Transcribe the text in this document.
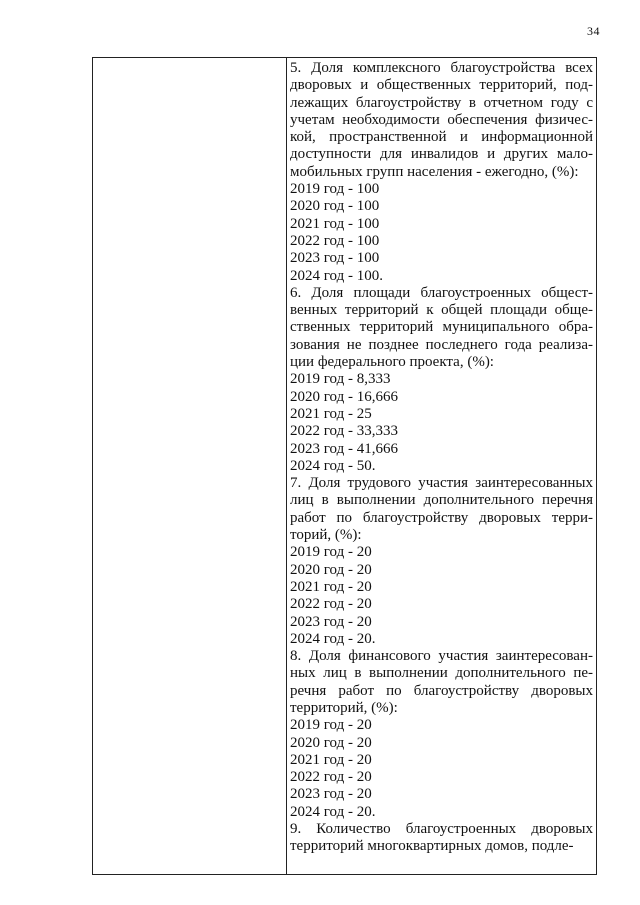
34
5. Доля комплексного благоустройства всех
дворовых и общественных территорий, под-
лежащих благоустройству в отчетном году с
учетам необходимости обеспечения физичес-
кой, пространственной и информационной
доступности для инвалидов и других мало-
мобильных групп населения - ежегодно, (%):
2019 год - 100
2020 год - 100
2021 год - 100
2022 год - 100
2023 год - 100
2024 год - 100.
6. Доля площади благоустроенных общест-
венных территорий к общей площади обще-
ственных территорий муниципального обра-
зования не позднее последнего года реализа-
ции федерального проекта, (%):
2019 год - 8,333
2020 год - 16,666
2021 год - 25
2022 год - 33,333
2023 год - 41,666
2024 год - 50.
7. Доля трудового участия заинтересованных
лиц в выполнении дополнительного перечня
работ по благоустройству дворовых терри-
торий, (%):
2019 год - 20
2020 год - 20
2021 год - 20
2022 год - 20
2023 год - 20
2024 год - 20.
8. Доля финансового участия заинтересован-
ных лиц в выполнении дополнительного пе-
речня работ по благоустройству дворовых
территорий, (%):
2019 год - 20
2020 год - 20
2021 год - 20
2022 год - 20
2023 год - 20
2024 год - 20.
9. Количество благоустроенных дворовых
территорий многоквартирных домов, подле-
